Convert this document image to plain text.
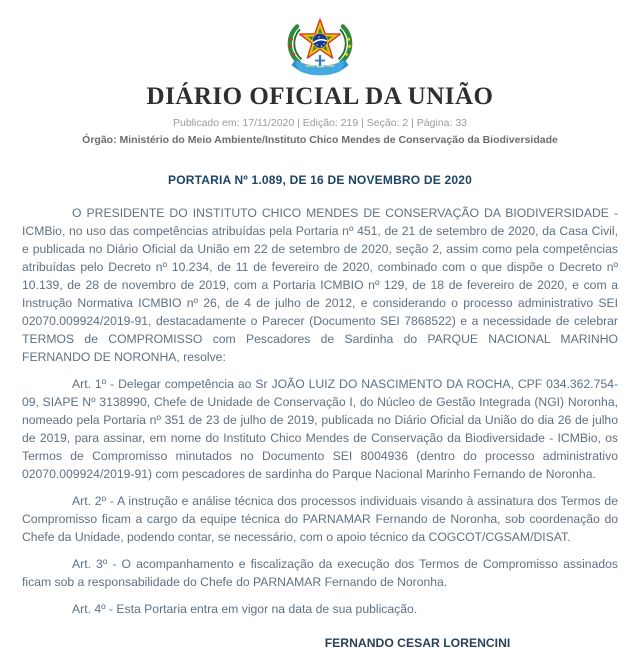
DIÁRIO OFICIAL DA UNIÃO
Publicado em: 17/11/2020 | Edição: 219 | Seção: 2 | Página: 33
Órgão: Ministério do Meio Ambiente/Instituto Chico Mendes de Conservação da Biodiversidade
PORTARIA Nº 1.089, DE 16 DE NOVEMBRO DE 2020

O PRESIDENTE DO INSTITUTO CHICO MENDES DE CONSERVAÇÃO DA BIODIVERSIDADE - ICMBio, no uso das competências atribuídas pela Portaria nº 451, de 21 de setembro de 2020, da Casa Civil, e publicada no Diário Oficial da União em 22 de setembro de 2020, seção 2, assim como pela competências atribuídas pelo Decreto nº 10.234, de 11 de fevereiro de 2020, combinado com o que dispõe o Decreto nº 10.139, de 28 de novembro de 2019, com a Portaria ICMBIO nº 129, de 18 de fevereiro de 2020, e com a Instrução Normativa ICMBIO nº 26, de 4 de julho de 2012, e considerando o processo administrativo SEI 02070.009924/2019-91, destacadamente o Parecer (Documento SEI 7868522) e a necessidade de celebrar TERMOS de COMPROMISSO com Pescadores de Sardinha do PARQUE NACIONAL MARINHO FERNANDO DE NORONHA, resolve:

Art. 1º - Delegar competência ao Sr JOÃO LUIZ DO NASCIMENTO DA ROCHA, CPF 034.362.754-09, SIAPE Nº 3138990, Chefe de Unidade de Conservação I, do Núcleo de Gestão Integrada (NGI) Noronha, nomeado pela Portaria nº 351 de 23 de julho de 2019, publicada no Diário Oficial da União do dia 26 de julho de 2019, para assinar, em nome do Instituto Chico Mendes de Conservação da Biodiversidade - ICMBio, os Termos de Compromisso minutados no Documento SEI 8004936 (dentro do processo administrativo 02070.009924/2019-91) com pescadores de sardinha do Parque Nacional Marinho Fernando de Noronha.

Art. 2º - A instrução e análise técnica dos processos individuais visando à assinatura dos Termos de Compromisso ficam a cargo da equipe técnica do PARNAMAR Fernando de Noronha, sob coordenação do Chefe da Unidade, podendo contar, se necessário, com o apoio técnico da COGCOT/CGSAM/DISAT.

Art. 3º - O acompanhamento e fiscalização da execução dos Termos de Compromisso assinados ficam sob a responsabilidade do Chefe do PARNAMAR Fernando de Noronha.

Art. 4º - Esta Portaria entra em vigor na data de sua publicação.

FERNANDO CESAR LORENCINI
